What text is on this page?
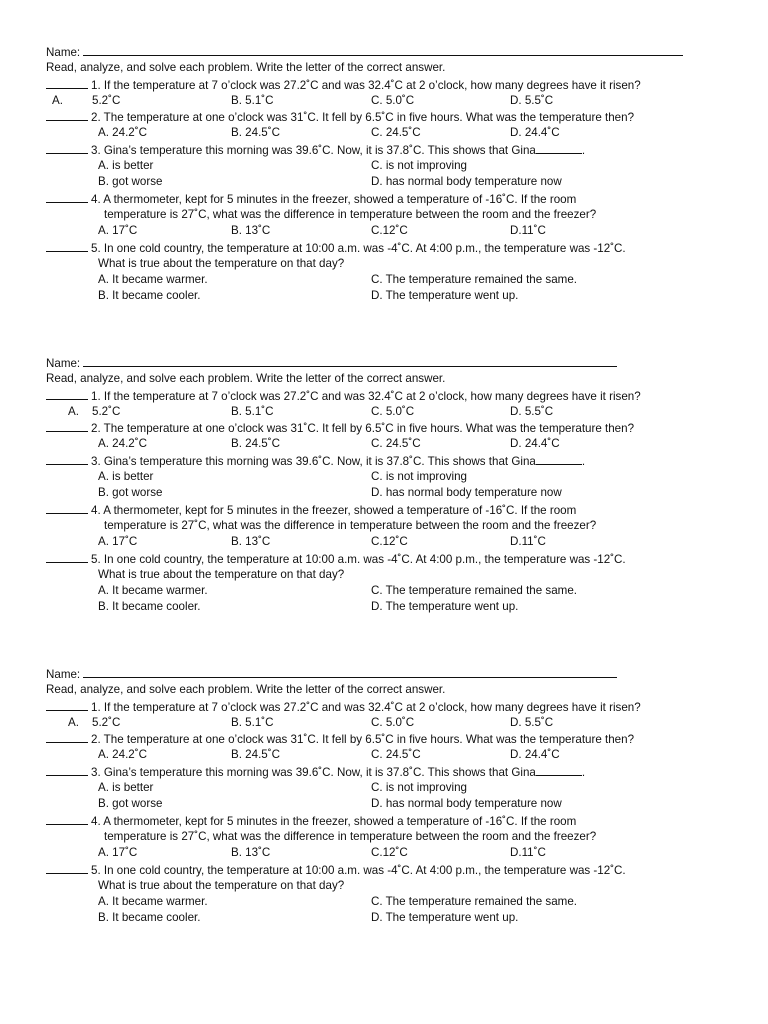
Name:
Read, analyze, and solve each problem. Write the letter of the correct answer.
1. If the temperature at 7 o’clock was 27.2˚C and was 32.4˚C at 2 o’clock, how many degrees have it risen?
A.	5.2˚C	B. 5.1˚C	C. 5.0˚C	D. 5.5˚C
2. The temperature at one o’clock was 31˚C. It fell by 6.5˚C in five hours. What was the temperature then?
A. 24.2˚C	B. 24.5˚C	C. 24.5˚C	D. 24.4˚C
3. Gina’s temperature this morning was 39.6˚C. Now, it is 37.8˚C. This shows that Gina	.
A. is better	C. is not improving
B. got worse	D. has normal body temperature now
4. A thermometer, kept for 5 minutes in the freezer, showed a temperature of -16˚C. If the room
temperature is 27˚C, what was the difference in temperature between the room and the freezer?
A. 17˚C	B. 13˚C	C.12˚C	D.11˚C
5. In one cold country, the temperature at 10:00 a.m. was -4˚C. At 4:00 p.m., the temperature was -12˚C.
What is true about the temperature on that day?
A. It became warmer.	C. The temperature remained the same.
B. It became cooler.	D. The temperature went up.
Name:
Read, analyze, and solve each problem. Write the letter of the correct answer.
1. If the temperature at 7 o’clock was 27.2˚C and was 32.4˚C at 2 o’clock, how many degrees have it risen?
A. 5.2˚C	B. 5.1˚C	C. 5.0˚C	D. 5.5˚C
2. The temperature at one o’clock was 31˚C. It fell by 6.5˚C in five hours. What was the temperature then?
A. 24.2˚C	B. 24.5˚C	C. 24.5˚C	D. 24.4˚C
3. Gina’s temperature this morning was 39.6˚C. Now, it is 37.8˚C. This shows that Gina	.
A. is better	C. is not improving
B. got worse	D. has normal body temperature now
4. A thermometer, kept for 5 minutes in the freezer, showed a temperature of -16˚C. If the room
temperature is 27˚C, what was the difference in temperature between the room and the freezer?
A. 17˚C	B. 13˚C	C.12˚C	D.11˚C
5. In one cold country, the temperature at 10:00 a.m. was -4˚C. At 4:00 p.m., the temperature was -12˚C.
What is true about the temperature on that day?
A. It became warmer.	C. The temperature remained the same.
B. It became cooler.	D. The temperature went up.
Name:
Read, analyze, and solve each problem. Write the letter of the correct answer.
1. If the temperature at 7 o’clock was 27.2˚C and was 32.4˚C at 2 o’clock, how many degrees have it risen?
A. 5.2˚C	B. 5.1˚C	C. 5.0˚C	D. 5.5˚C
2. The temperature at one o’clock was 31˚C. It fell by 6.5˚C in five hours. What was the temperature then?
A. 24.2˚C	B. 24.5˚C	C. 24.5˚C	D. 24.4˚C
3. Gina’s temperature this morning was 39.6˚C. Now, it is 37.8˚C. This shows that Gina	.
A. is better	C. is not improving
B. got worse	D. has normal body temperature now
4. A thermometer, kept for 5 minutes in the freezer, showed a temperature of -16˚C. If the room
temperature is 27˚C, what was the difference in temperature between the room and the freezer?
A. 17˚C	B. 13˚C	C.12˚C	D.11˚C
5. In one cold country, the temperature at 10:00 a.m. was -4˚C. At 4:00 p.m., the temperature was -12˚C.
What is true about the temperature on that day?
A. It became warmer.	C. The temperature remained the same.
B. It became cooler.	D. The temperature went up.
